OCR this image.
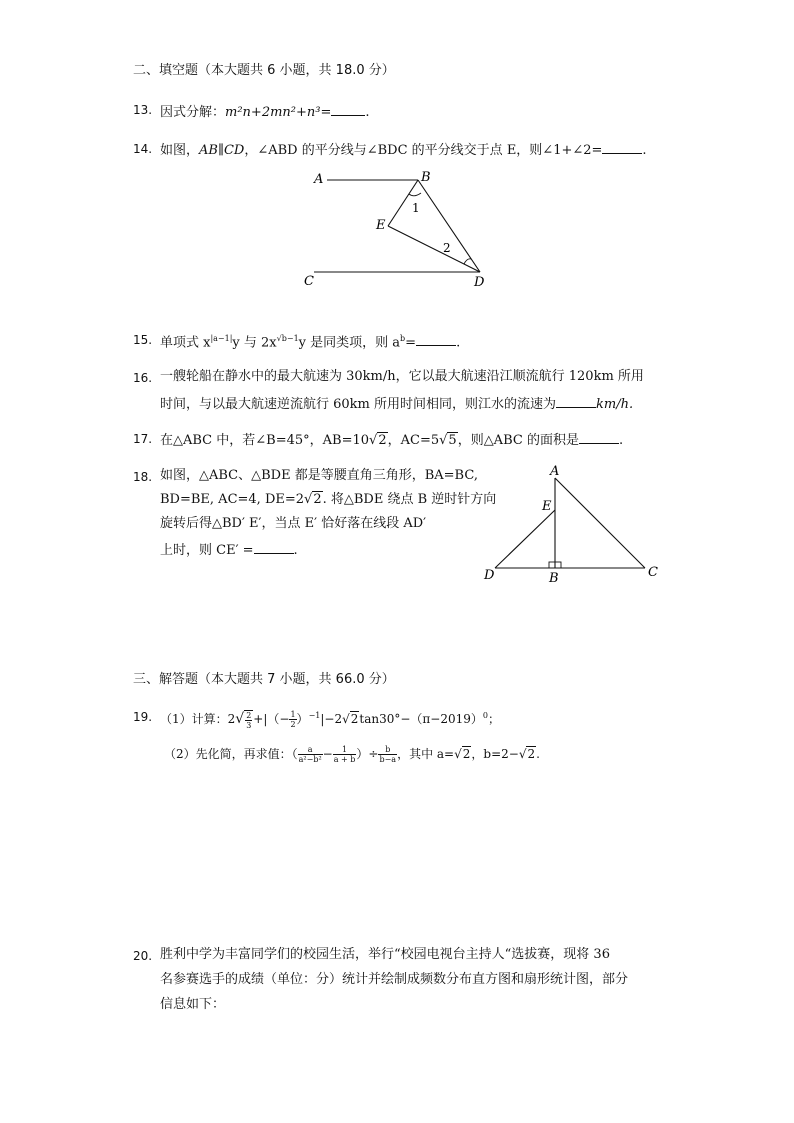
二、填空题（本大题共 6 小题，共 18.0 分）
13. 因式分解：m²n+2mn²+n³=	.
14. 如图，AB∥CD，∠ABD 的平分线与∠BDC 的平分线交于点 E，则∠1+∠2=	.
A	B
E
1
2
C	D
15. 单项式 $x^{|a-1|}y$ 与 $2x^{√b-1}y$ 是同类项，则 $a^b=$	.
16. 一艘轮船在静水中的最大航速为 30km/h，它以最大航速沿江顺流航行 120km 所用
时间，与以最大航速逆流航行 60km 所用时间相同，则江水的流速为	km/h.
17. 在△ABC 中，若∠B=45°，AB=10√2，AC=5√5，则△ABC 的面积是	.
18. 如图，△ABC、△BDE 都是等腰直角三角形，BA=BC,
BD=BE, AC=4, DE=2√2. 将△BDE 绕点 B 逆时针方向
旋转后得△BD′ E′，当点 E′ 恰好落在线段 AD′
上时，则 CE′ =	.
A
E
D	B	C
三、解答题（本大题共 7 小题，共 66.0 分）
19. （1）计算：$2√ \frac{2}{3}$ +|（− $\frac{1}{2} )^{-1}|-2√2\tan 30^\circ-(\pi-2019)^0$；
（2）先化简，再求值：（ $\frac{a}{\text{a²−b²}} - \frac{1}{a + b}$ ）÷ $\frac{b}{b-a}$ ，其中 a=√2，b=2−√2.
20. 胜利中学为丰富同学们的校园生活，举行“校园电视台主持人“选拔赛，现将 36
名参赛选手的成绩（单位：分）统计并绘制成频数分布直方图和扇形统计图，部分
信息如下：
